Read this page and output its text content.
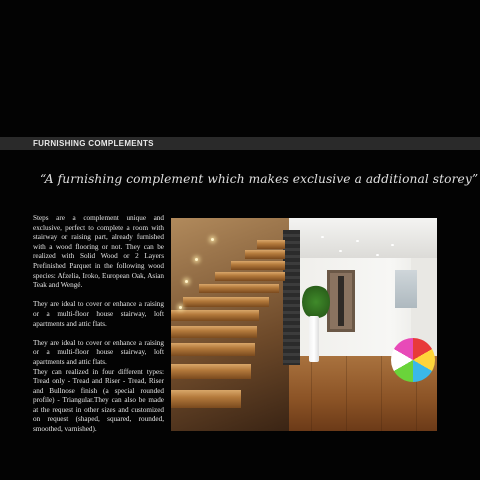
FURNISHING COMPLEMENTS
“A furnishing complement which makes exclusive a additional storey”

Steps are a complement unique and exclusive, perfect to complete a room with stairway or raising part, already furnished with a wood flooring or not. They can be realized with Solid Wood or 2 Layers Prefinished Parquet in the following wood species: Afzelia, Iroko, European Oak, Asian Teak and Wengé.

They are ideal to cover or enhance a raising or a multi-floor house stairway, loft apartments and attic flats.

They are ideal to cover or enhance a raising or a multi-floor house stairway, loft apartments and attic flats.

They can realized in four different types: Tread only - Tread and Riser - Tread, Riser and Bullnose finish (a special rounded profile) - Triangular.They can also be made at the request in other sizes and customized on request (shaped, squared, rounded, smoothed, varnished).
